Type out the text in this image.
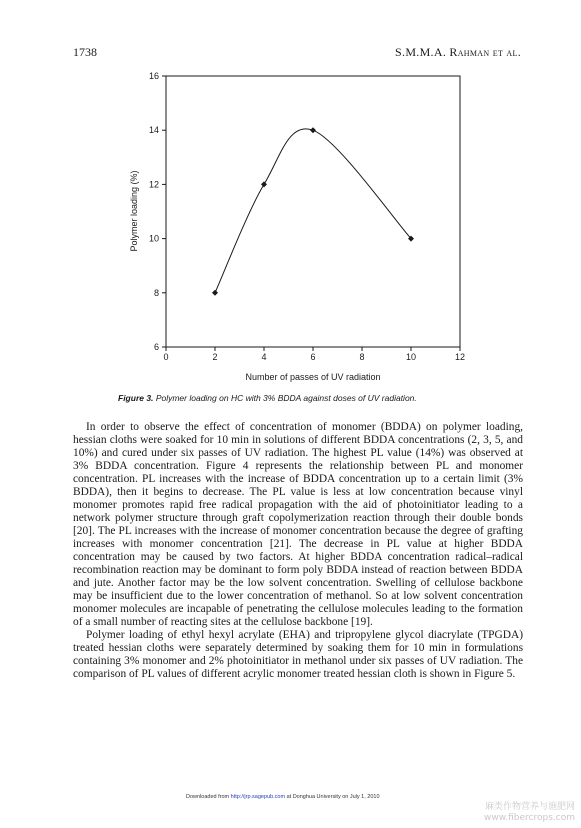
1738	S.M.M.A. Rahman et al.
0	2	4	6	8	10	12
6
8
10
12
14
16
Number of passes of UV radiation
Polymer loading (%)
Figure 3. Polymer loading on HC with 3% BDDA against doses of UV radiation.

In order to observe the effect of concentration of monomer (BDDA) on polymer loading, hessian cloths were soaked for 10 min in solutions of different BDDA concentrations (2, 3, 5, and 10%) and cured under six passes of UV radiation. The highest PL value (14%) was observed at 3% BDDA concentration. Figure 4 represents the relationship between PL and monomer concentration. PL increases with the increase of BDDA concentration up to a certain limit (3% BDDA), then it begins to decrease. The PL value is less at low concentration because vinyl monomer promotes rapid free radical propagation with the aid of photoinitiator leading to a network polymer structure through graft copolymerization reaction through their double bonds [20]. The PL increases with the increase of monomer concentration because the degree of grafting increases with monomer concentration [21]. The decrease in PL value at higher BDDA concentration may be caused by two factors. At higher BDDA concentration radical–radical recombination reaction may be dominant to form poly BDDA instead of reaction between BDDA and jute. Another factor may be the low solvent concentration. Swelling of cellulose backbone may be insufficient due to the lower concentration of methanol. So at low solvent concentration monomer molecules are incapable of penetrating the cellulose molecules leading to the formation of a small number of reacting sites at the cellulose backbone [19].

Polymer loading of ethyl hexyl acrylate (EHA) and tripropylene glycol diacrylate (TPGDA) treated hessian cloths were separately determined by soaking them for 10 min in formulations containing 3% monomer and 2% photoinitiator in methanol under six passes of UV radiation. The comparison of PL values of different acrylic monomer treated hessian cloth is shown in Figure 5.

Downloaded from http://jrp.sagepub.com at Donghua University on July 1, 2010
麻类作物营养与施肥网 www.fibercrops.com
